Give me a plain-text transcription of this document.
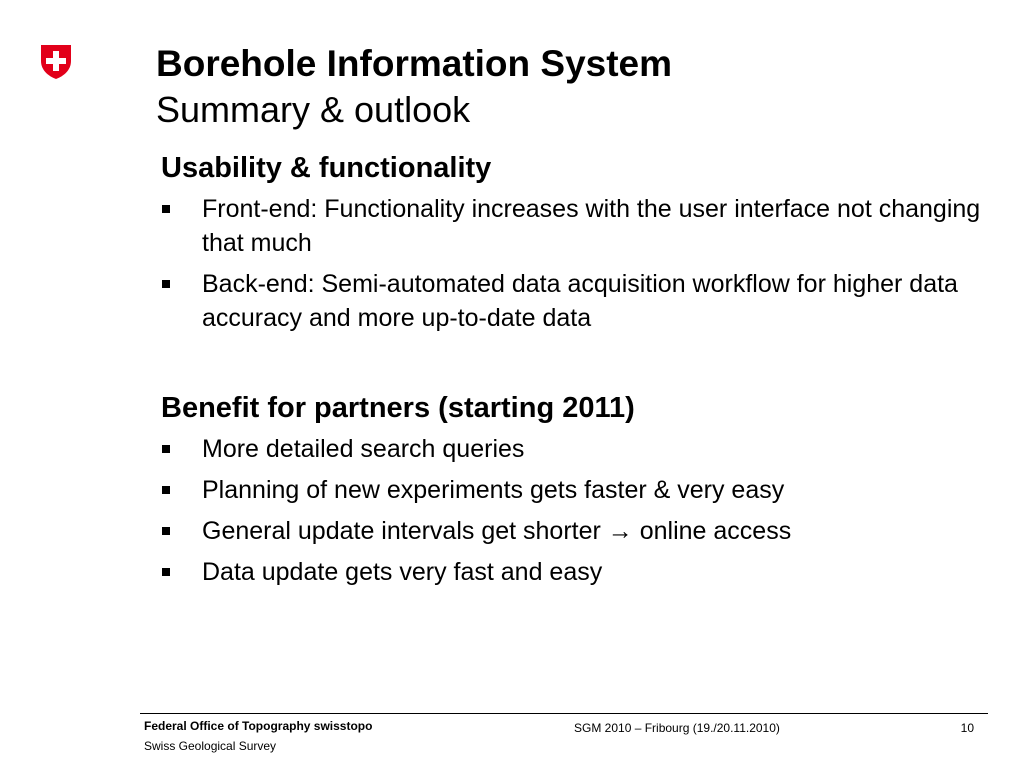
Borehole Information System
Summary & outlook
Usability & functionality
Front-end: Functionality increases with the user interface not changing that much
Back-end: Semi-automated data acquisition workflow for higher data accuracy and more up-to-date data
Benefit for partners (starting 2011)
More detailed search queries
Planning of new experiments gets faster & very easy
General update intervals get shorter → online access
Data update gets very fast and easy
Federal Office of Topography swisstopo
Swiss Geological Survey
SGM 2010 – Fribourg (19./20.11.2010)	10
